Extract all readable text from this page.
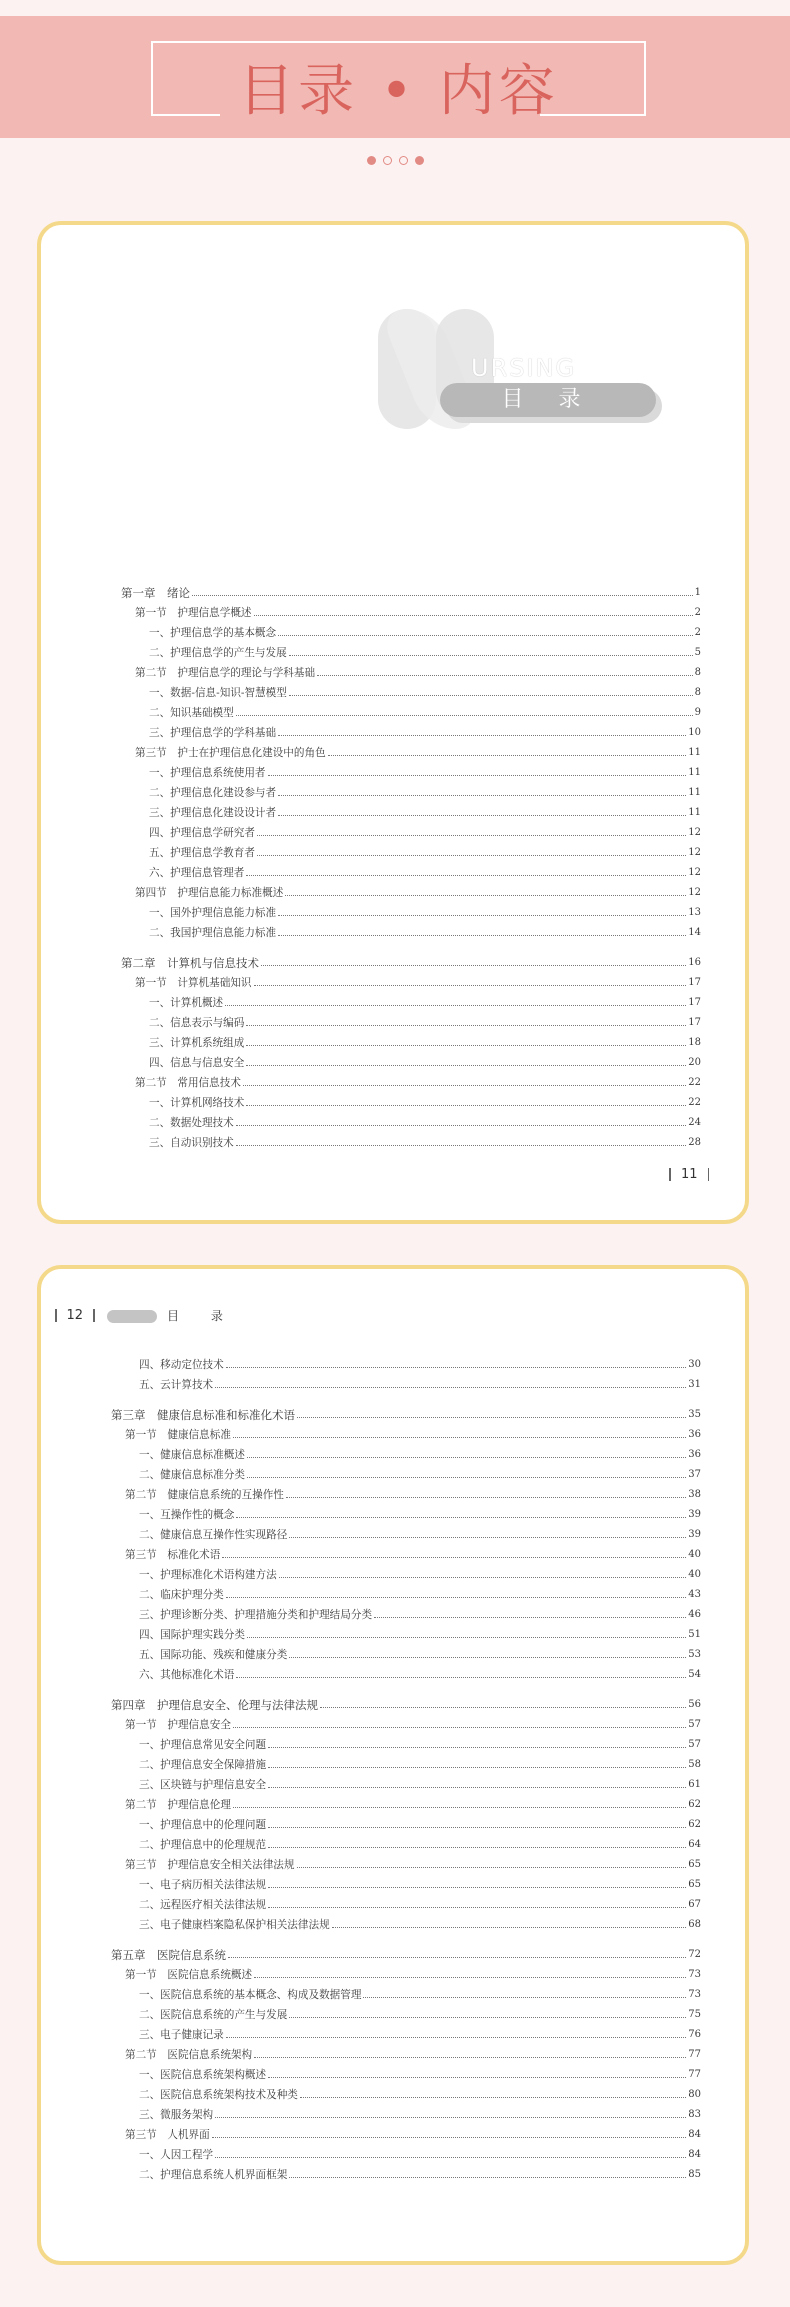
目录 • 内容
URSING
目 录
第一章　绪论	1
第一节　护理信息学概述	2
一、护理信息学的基本概念	2
二、护理信息学的产生与发展	5
第二节　护理信息学的理论与学科基础	8
一、数据-信息-知识-智慧模型	8
二、知识基础模型	9
三、护理信息学的学科基础	10
第三节　护士在护理信息化建设中的角色	11
一、护理信息系统使用者	11
二、护理信息化建设参与者	11
三、护理信息化建设设计者	11
四、护理信息学研究者	12
五、护理信息学教育者	12
六、护理信息管理者	12
第四节　护理信息能力标准概述	12
一、国外护理信息能力标准	13
二、我国护理信息能力标准	14
第二章　计算机与信息技术	16
第一节　计算机基础知识	17
一、计算机概述	17
二、信息表示与编码	17
三、计算机系统组成	18
四、信息与信息安全	20
第二节　常用信息技术	22
一、计算机网络技术	22
二、数据处理技术	24
三、自动识别技术	28
11
12	目 录
四、移动定位技术	30
五、云计算技术	31
第三章　健康信息标准和标准化术语	35
第一节　健康信息标准	36
一、健康信息标准概述	36
二、健康信息标准分类	37
第二节　健康信息系统的互操作性	38
一、互操作性的概念	39
二、健康信息互操作性实现路径	39
第三节　标准化术语	40
一、护理标准化术语构建方法	40
二、临床护理分类	43
三、护理诊断分类、护理措施分类和护理结局分类	46
四、国际护理实践分类	51
五、国际功能、残疾和健康分类	53
六、其他标准化术语	54
第四章　护理信息安全、伦理与法律法规	56
第一节　护理信息安全	57
一、护理信息常见安全问题	57
二、护理信息安全保障措施	58
三、区块链与护理信息安全	61
第二节　护理信息伦理	62
一、护理信息中的伦理问题	62
二、护理信息中的伦理规范	64
第三节　护理信息安全相关法律法规	65
一、电子病历相关法律法规	65
二、远程医疗相关法律法规	67
三、电子健康档案隐私保护相关法律法规	68
第五章　医院信息系统	72
第一节　医院信息系统概述	73
一、医院信息系统的基本概念、构成及数据管理	73
二、医院信息系统的产生与发展	75
三、电子健康记录	76
第二节　医院信息系统架构	77
一、医院信息系统架构概述	77
二、医院信息系统架构技术及种类	80
三、微服务架构	83
第三节　人机界面	84
一、人因工程学	84
二、护理信息系统人机界面框架	85
